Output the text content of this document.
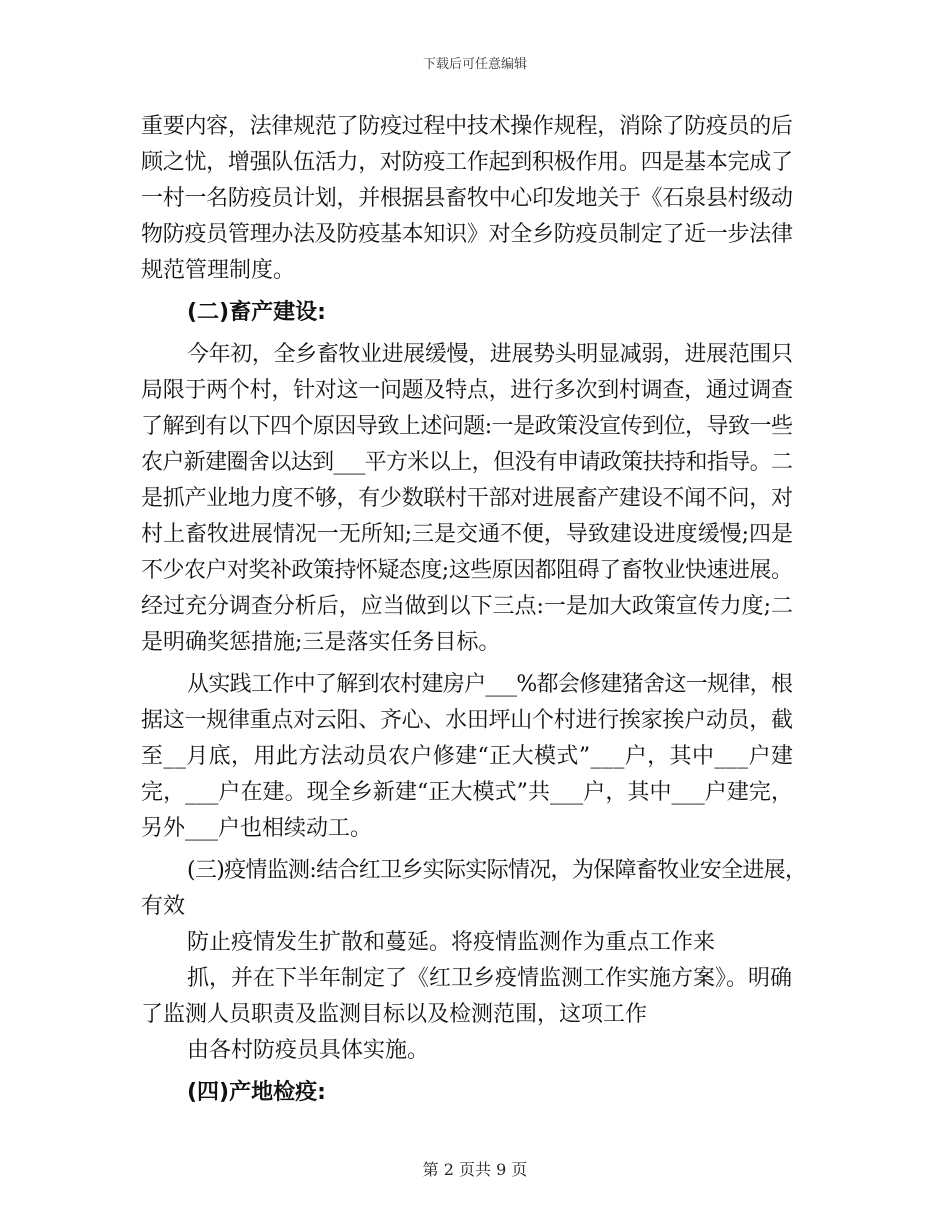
下载后可任意编辑
重要内容，法律规范了防疫过程中技术操作规程，消除了防疫员的后
顾之忧，增强队伍活力，对防疫工作起到积极作用。四是基本完成了
一村一名防疫员计划，并根据县畜牧中心印发地关于《石泉县村级动
物防疫员管理办法及防疫基本知识》对全乡防疫员制定了近一步法律
规范管理制度。
(二)畜产建设:
今年初，全乡畜牧业进展缓慢，进展势头明显减弱，进展范围只
局限于两个村，针对这一问题及特点，进行多次到村调查，通过调查
了解到有以下四个原因导致上述问题:一是政策没宣传到位，导致一些
农户新建圈舍以达到___平方米以上，但没有申请政策扶持和指导。二
是抓产业地力度不够，有少数联村干部对进展畜产建设不闻不问，对
村上畜牧进展情况一无所知;三是交通不便，导致建设进度缓慢;四是
不少农户对奖补政策持怀疑态度;这些原因都阻碍了畜牧业快速进展。
经过充分调查分析后，应当做到以下三点:一是加大政策宣传力度;二
是明确奖惩措施;三是落实任务目标。
从实践工作中了解到农村建房户___%都会修建猪舍这一规律，根
据这一规律重点对云阳、齐心、水田坪山个村进行挨家挨户动员，截
至__月底，用此方法动员农户修建“正大模式”___户，其中___户建
完，___户在建。现全乡新建“正大模式”共___户，其中___户建完，
另外___户也相续动工。
(三)疫情监测:结合红卫乡实际实际情况，为保障畜牧业安全进展，
有效
防止疫情发生扩散和蔓延。将疫情监测作为重点工作来
抓，并在下半年制定了《红卫乡疫情监测工作实施方案》。明确
了监测人员职责及监测目标以及检测范围，这项工作
由各村防疫员具体实施。
(四)产地检疫:
第 2 页共 9 页
